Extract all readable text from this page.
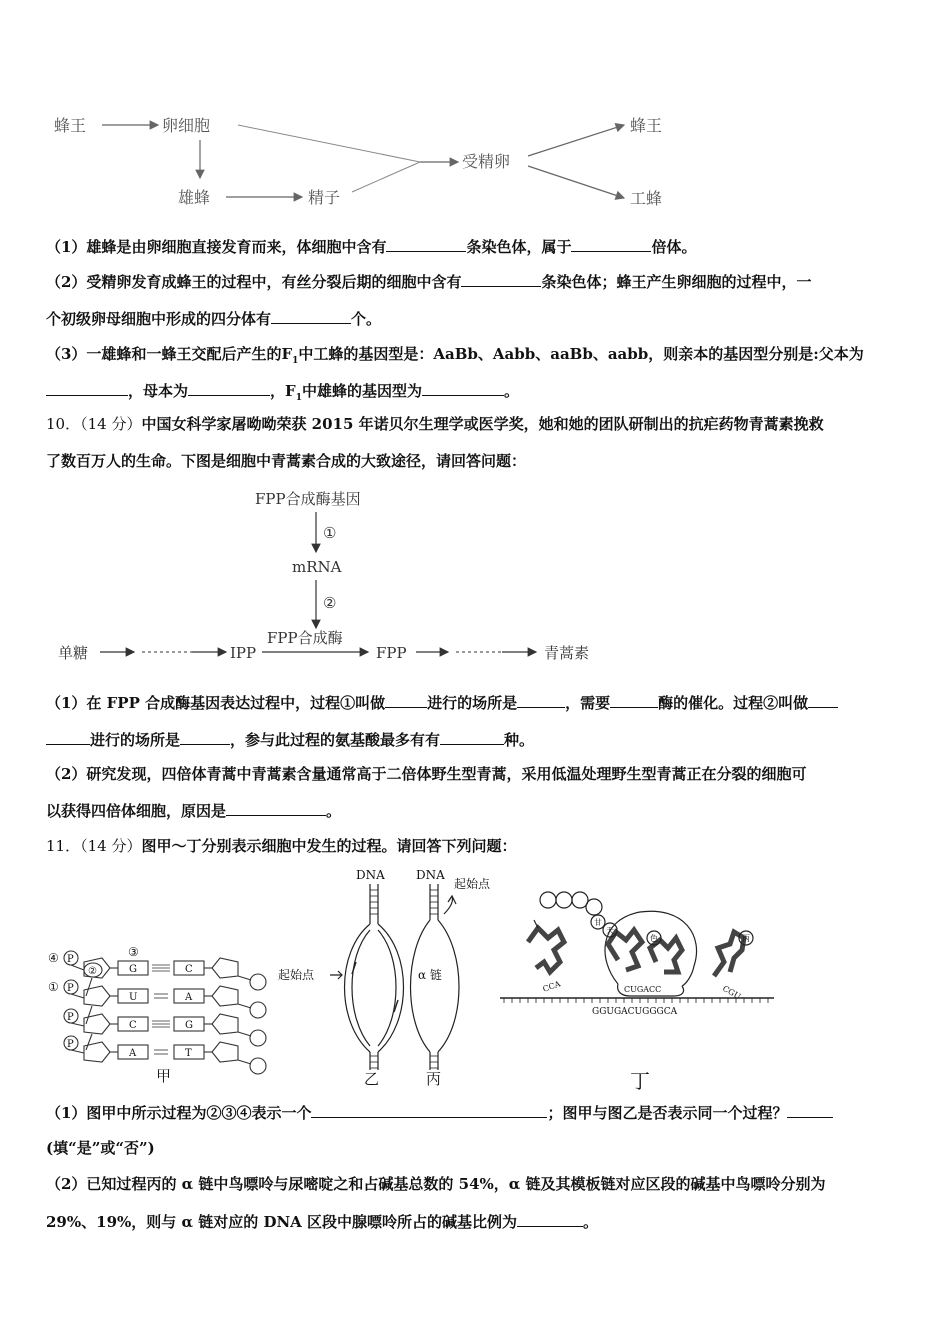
蜂王	卵细胞
雄蜂	精子
受精卵
蜂王
工蜂
（1）雄蜂是由卵细胞直接发育而来，体细胞中含有	条染色体，属于	倍体。
（2）受精卵发育成蜂王的过程中，有丝分裂后期的细胞中含有	条染色体；蜂王产生卵细胞的过程中，一
个初级卵母细胞中形成的四分体有	个。
（3）一雄蜂和一蜂王交配后产生的$F_1$中工蜂的基因型是：AaBb、Aabb、aaBb、aabb，则亲本的基因型分别是:父本为
，母本为	，$F_1$中雄蜂的基因型为	。
10．（14 分）中国女科学家屠呦呦荣获 2015 年诺贝尔生理学或医学奖，她和她的团队研制出的抗疟药物青蒿素挽救
了数百万人的生命。下图是细胞中青蒿素合成的大致途径，请回答问题：
FPP合成酶基因
①
mRNA
②
FPP合成酶
单糖	IPP	FPP	青蒿素
（1）在 FPP 合成酶基因表达过程中，过程①叫做	进行的场所是	，需要	酶的催化。过程②叫做
进行的场所是	，参与此过程的氨基酸最多有有	种。
（2）研究发现，四倍体青蒿中青蒿素含量通常高于二倍体野生型青蒿，采用低温处理野生型青蒿正在分裂的细胞可
以获得四倍体细胞，原因是	。
11．（14 分）图甲～丁分别表示细胞中发生的过程。请回答下列问题：
P
P
P
P
④
①
②
③
G
U
C
A
C
A
G
T
甲
DNA	DNA
起始点
起始点
α 链
乙	丙
甘
天
色	丙
CCA	CUGACC	CGU
GGUGACUGGGCA
丁
（1）图甲中所示过程为②③④表示一个	；图甲与图乙是否表示同一个过程？
(填“是”或“否”)
（2）已知过程丙的 α 链中鸟嘌呤与尿嘧啶之和占碱基总数的 54%，α 链及其模板链对应区段的碱基中鸟嘌呤分别为
29%、19%，则与 α 链对应的 DNA 区段中腺嘌呤所占的碱基比例为	。
